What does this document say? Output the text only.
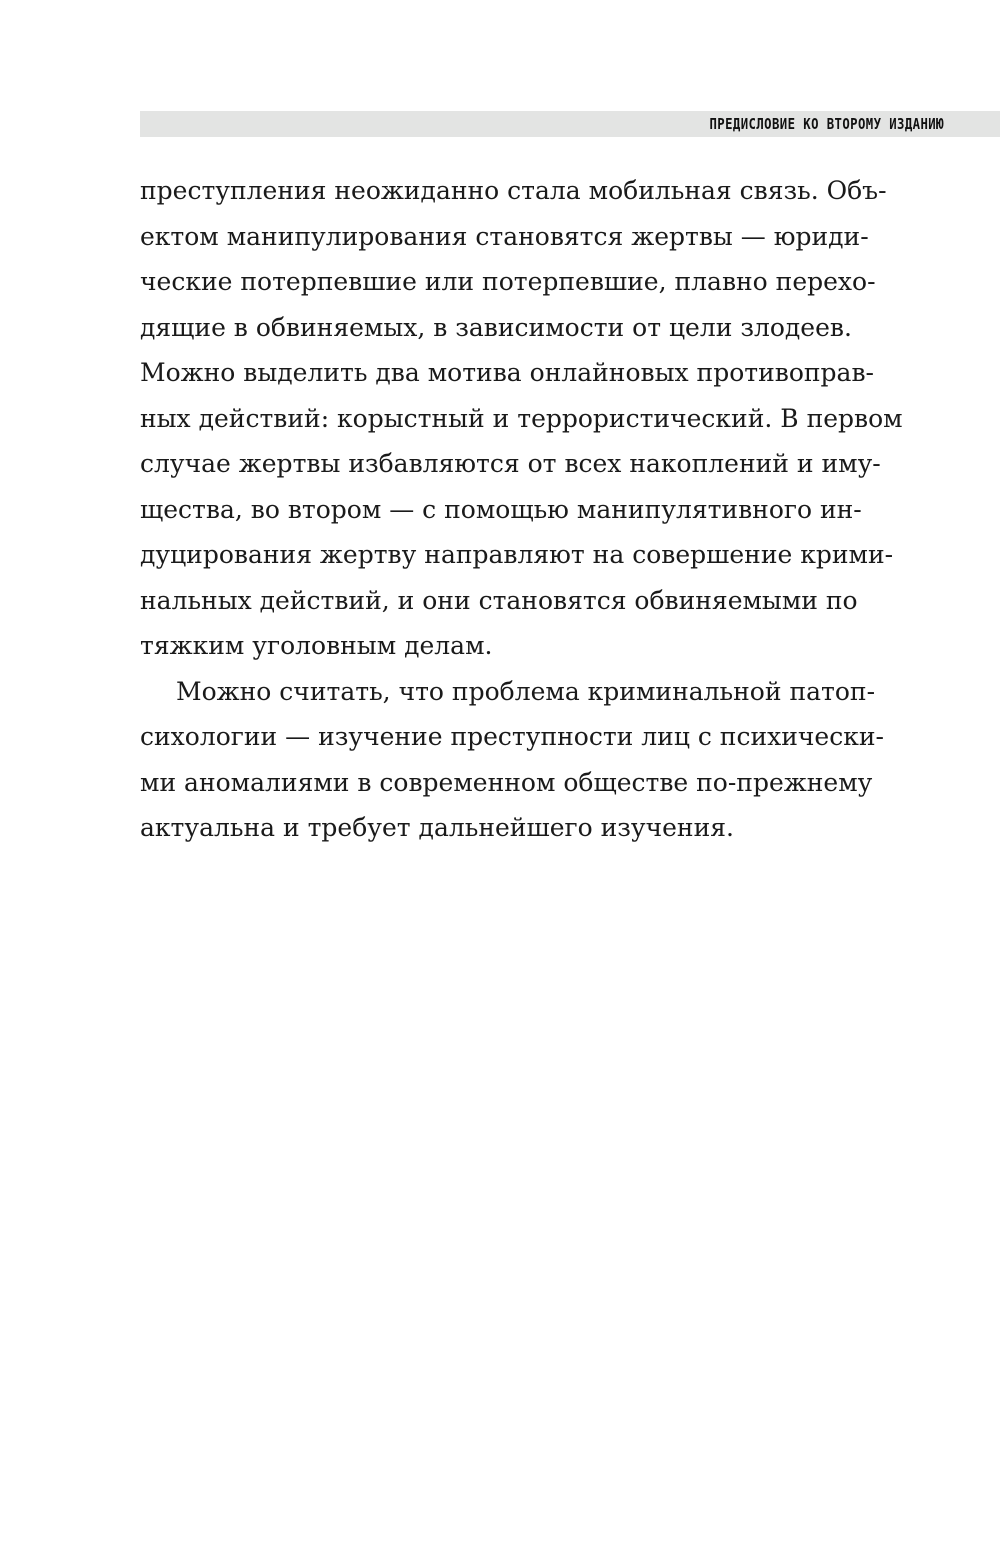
ПРЕДИСЛОВИЕ КО ВТОРОМУ ИЗДАНИЮ
преступления неожиданно стала мобильная связь. Объ-
ектом манипулирования становятся жертвы — юриди-
ческие потерпевшие или потерпевшие, плавно перехо-
дящие в обвиняемых, в зависимости от цели злодеев.
Можно выделить два мотива онлайновых противоправ-
ных действий: корыстный и террористический. В первом
случае жертвы избавляются от всех накоплений и иму-
щества, во втором — с помощью манипулятивного ин-
дуцирования жертву направляют на совершение крими-
нальных действий, и они становятся обвиняемыми по
тяжким уголовным делам.
Можно считать, что проблема криминальной патоп-
сихологии — изучение преступности лиц с психически-
ми аномалиями в современном обществе по-прежнему
актуальна и требует дальнейшего изучения.
